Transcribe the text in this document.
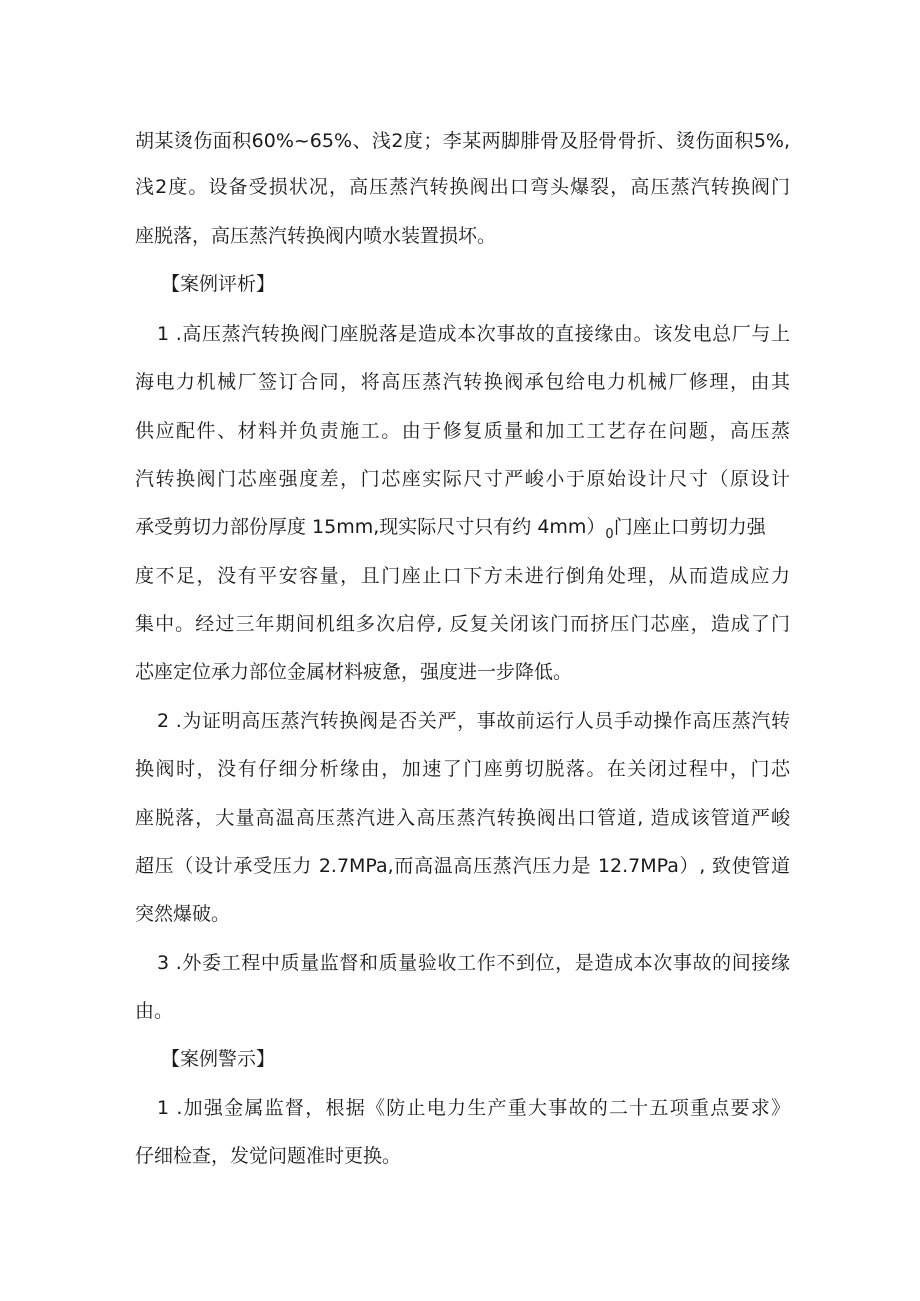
胡某烫伤面积60%~65%、浅2度；李某两脚腓骨及胫骨骨折、烫伤面积5%,
浅2度。设备受损状况，高压蒸汽转换阀出口弯头爆裂，高压蒸汽转换阀门
座脱落，高压蒸汽转换阀内喷水装置损坏。
【案例评析】
1 .高压蒸汽转换阀门座脱落是造成本次事故的直接缘由。该发电总厂与上
海电力机械厂签订合同，将高压蒸汽转换阀承包给电力机械厂修理，由其
供应配件、材料并负责施工。由于修复质量和加工工艺存在问题，高压蒸
汽转换阀门芯座强度差，门芯座实际尺寸严峻小于原始设计尺寸（原设计
承受剪切力部份厚度 15mm,现实际尺寸只有约 $4mm)_0$门座止口剪切力强
度不足，没有平安容量，且门座止口下方未进行倒角处理，从而造成应力
集中。经过三年期间机组多次启停, 反复关闭该门而挤压门芯座，造成了门
芯座定位承力部位金属材料疲惫，强度进一步降低。
2 .为证明高压蒸汽转换阀是否关严，事故前运行人员手动操作高压蒸汽转
换阀时，没有仔细分析缘由，加速了门座剪切脱落。在关闭过程中，门芯
座脱落，大量高温高压蒸汽进入高压蒸汽转换阀出口管道, 造成该管道严峻
超压（设计承受压力 2.7MPa,而高温高压蒸汽压力是 12.7MPa）, 致使管道
突然爆破。
3 .外委工程中质量监督和质量验收工作不到位，是造成本次事故的间接缘
由。
【案例警示】
1 .加强金属监督，根据《防止电力生产重大事故的二十五项重点要求》
仔细检查，发觉问题准时更换。
